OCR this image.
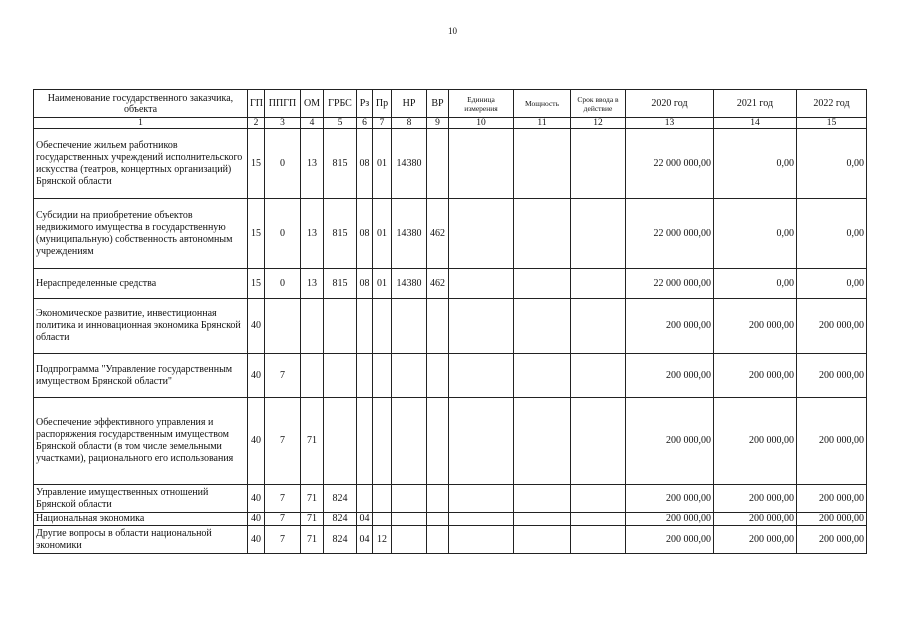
10
Наименование государственного заказчика, объекта	ГП	ППГП	ОМ	ГРБС	Рз	Пр	НР	ВР	Единица измерения	Мощность	Срок ввода в действие	2020 год	2021 год	2022 год
1	2	3	4	5	6	7	8	9	10	11	12	13	14	15
Обеспечение жильем работников государственных учреждений исполнительского искусства (театров, концертных организаций) Брянской области	15	0	13	815	08	01	14380					22 000 000,00	0,00	0,00
Субсидии на приобретение объектов недвижимого имущества в государственную (муниципальную) собственность автономным учреждениям	15	0	13	815	08	01	14380	462				22 000 000,00	0,00	0,00
Нераспределенные средства	15	0	13	815	08	01	14380	462				22 000 000,00	0,00	0,00
Экономическое развитие, инвестиционная политика и инновационная экономика Брянской области	40											200 000,00	200 000,00	200 000,00
Подпрограмма "Управление государственным имуществом Брянской области"	40	7										200 000,00	200 000,00	200 000,00
Обеспечение эффективного управления и распоряжения государственным имуществом Брянской области (в том числе земельными участками), рационального его использования	40	7	71									200 000,00	200 000,00	200 000,00
Управление имущественных отношений Брянской области	40	7	71	824								200 000,00	200 000,00	200 000,00
Национальная экономика	40	7	71	824	04							200 000,00	200 000,00	200 000,00
Другие вопросы в области национальной экономики	40	7	71	824	04	12						200 000,00	200 000,00	200 000,00
